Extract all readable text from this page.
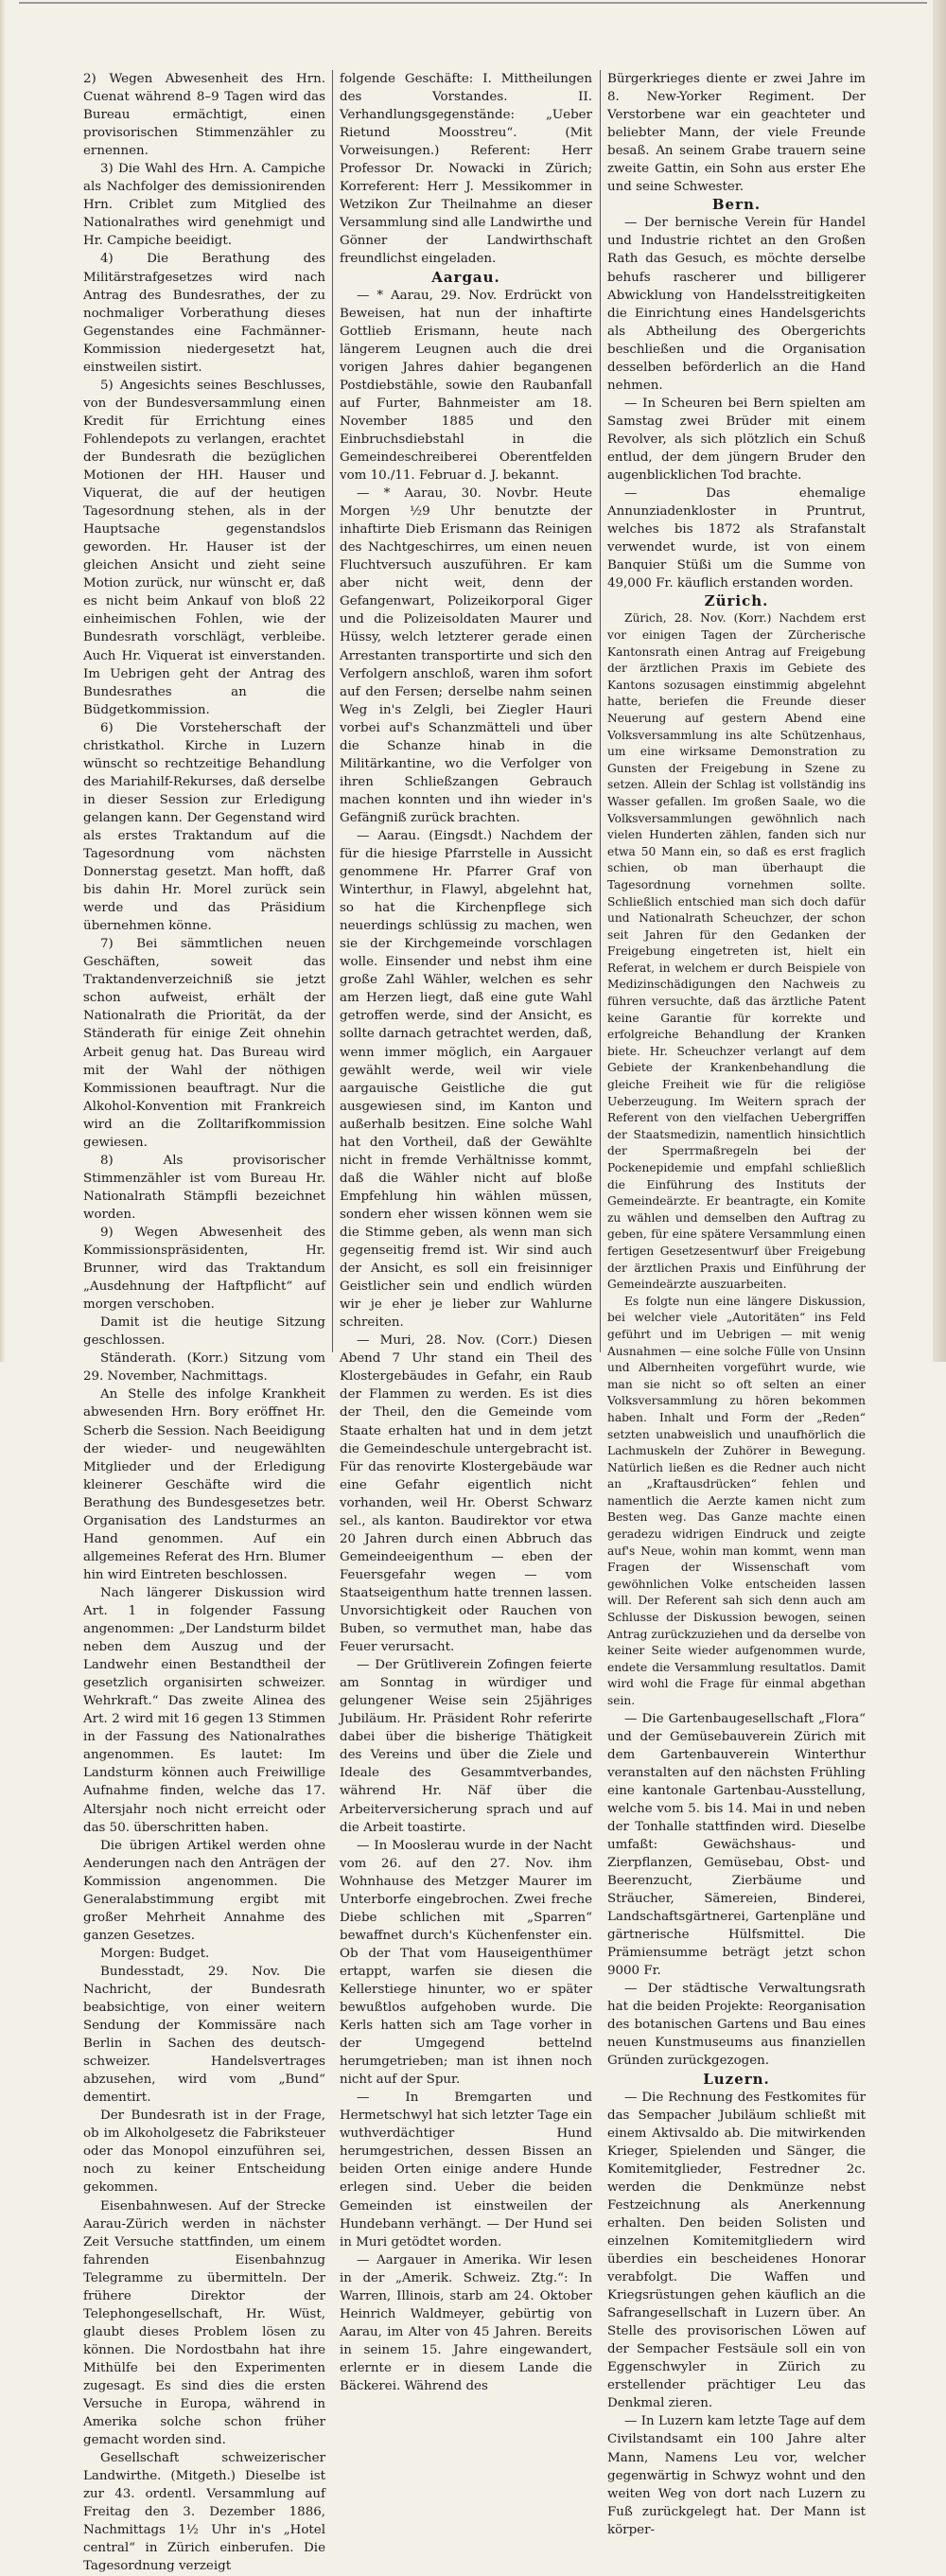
2) Wegen Abwesenheit des Hrn. Cuenat während 8–9 Tagen wird das Bureau ermächtigt, einen provisorischen Stimmenzähler zu ernennen.

3) Die Wahl des Hrn. A. Campiche als Nachfolger des demissionirenden Hrn. Criblet zum Mitglied des Nationalrathes wird genehmigt und Hr. Campiche beeidigt.

4) Die Berathung des Militärstrafgesetzes wird nach Antrag des Bundesrathes, der zu nochmaliger Vorberathung dieses Gegenstandes eine Fachmänner-Kommission niedergesetzt hat, einstweilen sistirt.

5) Angesichts seines Beschlusses, von der Bundesversammlung einen Kredit für Errichtung eines Fohlendepots zu verlangen, erachtet der Bundesrath die bezüglichen Motionen der HH. Hauser und Viquerat, die auf der heutigen Tagesordnung stehen, als in der Hauptsache gegenstandslos geworden. Hr. Hauser ist der gleichen Ansicht und zieht seine Motion zurück, nur wünscht er, daß es nicht beim Ankauf von bloß 22 einheimischen Fohlen, wie der Bundesrath vorschlägt, verbleibe. Auch Hr. Viquerat ist einverstanden. Im Uebrigen geht der Antrag des Bundesrathes an die Büdgetkommission.

6) Die Vorsteherschaft der christkathol. Kirche in Luzern wünscht so rechtzeitige Behandlung des Mariahilf-Rekurses, daß derselbe in dieser Session zur Erledigung gelangen kann. Der Gegenstand wird als erstes Traktandum auf die Tagesordnung vom nächsten Donnerstag gesetzt. Man hofft, daß bis dahin Hr. Morel zurück sein werde und das Präsidium übernehmen könne.

7) Bei sämmtlichen neuen Geschäften, soweit das Traktandenverzeichniß sie jetzt schon aufweist, erhält der Nationalrath die Priorität, da der Ständerath für einige Zeit ohnehin Arbeit genug hat. Das Bureau wird mit der Wahl der nöthigen Kommissionen beauftragt. Nur die Alkohol-Konvention mit Frankreich wird an die Zolltarifkommission gewiesen.

8) Als provisorischer Stimmenzähler ist vom Bureau Hr. Nationalrath Stämpfli bezeichnet worden.

9) Wegen Abwesenheit des Kommissionspräsidenten, Hr. Brunner, wird das Traktandum „Ausdehnung der Haftpflicht“ auf morgen verschoben.

Damit ist die heutige Sitzung geschlossen.

Ständerath. (Korr.) Sitzung vom 29. November, Nachmittags.

An Stelle des infolge Krankheit abwesenden Hrn. Bory eröffnet Hr. Scherb die Session. Nach Beeidigung der wieder- und neugewählten Mitglieder und der Erledigung kleinerer Geschäfte wird die Berathung des Bundesgesetzes betr. Organisation des Landsturmes an Hand genommen. Auf ein allgemeines Referat des Hrn. Blumer hin wird Eintreten beschlossen.

Nach längerer Diskussion wird Art. 1 in folgender Fassung angenommen: „Der Landsturm bildet neben dem Auszug und der Landwehr einen Bestandtheil der gesetzlich organisirten schweizer. Wehrkraft.“ Das zweite Alinea des Art. 2 wird mit 16 gegen 13 Stimmen in der Fassung des Nationalrathes angenommen. Es lautet: Im Landsturm können auch Freiwillige Aufnahme finden, welche das 17. Altersjahr noch nicht erreicht oder das 50. überschritten haben.

Die übrigen Artikel werden ohne Aenderungen nach den Anträgen der Kommission angenommen. Die Generalabstimmung ergibt mit großer Mehrheit Annahme des ganzen Gesetzes.

Morgen: Budget.

Bundesstadt, 29. Nov. Die Nachricht, der Bundesrath beabsichtige, von einer weitern Sendung der Kommissäre nach Berlin in Sachen des deutsch-schweizer. Handelsvertrages abzusehen, wird vom „Bund“ dementirt.

Der Bundesrath ist in der Frage, ob im Alkoholgesetz die Fabriksteuer oder das Monopol einzuführen sei, noch zu keiner Entscheidung gekommen.

Eisenbahnwesen. Auf der Strecke Aarau-Zürich werden in nächster Zeit Versuche stattfinden, um einem fahrenden Eisenbahnzug Telegramme zu übermitteln. Der frühere Direktor der Telephongesellschaft, Hr. Wüst, glaubt dieses Problem lösen zu können. Die Nordostbahn hat ihre Mithülfe bei den Experimenten zugesagt. Es sind dies die ersten Versuche in Europa, während in Amerika solche schon früher gemacht worden sind.

Gesellschaft schweizerischer Landwirthe. (Mitgeth.) Dieselbe ist zur 43. ordentl. Versammlung auf Freitag den 3. Dezember 1886, Nachmittags 1½ Uhr in's „Hotel central“ in Zürich einberufen. Die Tagesordnung verzeigt

folgende Geschäfte: I. Mittheilungen des Vorstandes. II. Verhandlungsgegenstände: „Ueber Rietund Moosstreu“. (Mit Vorweisungen.) Referent: Herr Professor Dr. Nowacki in Zürich; Korreferent: Herr J. Messikommer in Wetzikon Zur Theilnahme an dieser Versammlung sind alle Landwirthe und Gönner der Landwirthschaft freundlichst eingeladen.

Aargau.

— * Aarau, 29. Nov. Erdrückt von Beweisen, hat nun der inhaftirte Gottlieb Erismann, heute nach längerem Leugnen auch die drei vorigen Jahres dahier begangenen Postdiebstähle, sowie den Raubanfall auf Furter, Bahnmeister am 18. November 1885 und den Einbruchsdiebstahl in die Gemeindeschreiberei Oberentfelden vom 10./11. Februar d. J. bekannt.

— * Aarau, 30. Novbr. Heute Morgen ½9 Uhr benutzte der inhaftirte Dieb Erismann das Reinigen des Nachtgeschirres, um einen neuen Fluchtversuch auszuführen. Er kam aber nicht weit, denn der Gefangenwart, Polizeikorporal Giger und die Polizeisoldaten Maurer und Hüssy, welch letzterer gerade einen Arrestanten transportirte und sich den Verfolgern anschloß, waren ihm sofort auf den Fersen; derselbe nahm seinen Weg in's Zelgli, bei Ziegler Hauri vorbei auf's Schanzmätteli und über die Schanze hinab in die Militärkantine, wo die Verfolger von ihren Schließzangen Gebrauch machen konnten und ihn wieder in's Gefängniß zurück brachten.

— Aarau. (Eingsdt.) Nachdem der für die hiesige Pfarrstelle in Aussicht genommene Hr. Pfarrer Graf von Winterthur, in Flawyl, abgelehnt hat, so hat die Kirchenpflege sich neuerdings schlüssig zu machen, wen sie der Kirchgemeinde vorschlagen wolle. Einsender und nebst ihm eine große Zahl Wähler, welchen es sehr am Herzen liegt, daß eine gute Wahl getroffen werde, sind der Ansicht, es sollte darnach getrachtet werden, daß, wenn immer möglich, ein Aargauer gewählt werde, weil wir viele aargauische Geistliche die gut ausgewiesen sind, im Kanton und außerhalb besitzen. Eine solche Wahl hat den Vortheil, daß der Gewählte nicht in fremde Verhältnisse kommt, daß die Wähler nicht auf bloße Empfehlung hin wählen müssen, sondern eher wissen können wem sie die Stimme geben, als wenn man sich gegenseitig fremd ist. Wir sind auch der Ansicht, es soll ein freisinniger Geistlicher sein und endlich würden wir je eher je lieber zur Wahlurne schreiten.

— Muri, 28. Nov. (Corr.) Diesen Abend 7 Uhr stand ein Theil des Klostergebäudes in Gefahr, ein Raub der Flammen zu werden. Es ist dies der Theil, den die Gemeinde vom Staate erhalten hat und in dem jetzt die Gemeindeschule untergebracht ist. Für das renovirte Klostergebäude war eine Gefahr eigentlich nicht vorhanden, weil Hr. Oberst Schwarz sel., als kanton. Baudirektor vor etwa 20 Jahren durch einen Abbruch das Gemeindeeigenthum — eben der Feuersgefahr wegen — vom Staatseigenthum hatte trennen lassen. Unvorsichtigkeit oder Rauchen von Buben, so vermuthet man, habe das Feuer verursacht.

— Der Grütliverein Zofingen feierte am Sonntag in würdiger und gelungener Weise sein 25jähriges Jubiläum. Hr. Präsident Rohr referirte dabei über die bisherige Thätigkeit des Vereins und über die Ziele und Ideale des Gesammtverbandes, während Hr. Näf über die Arbeiterversicherung sprach und auf die Arbeit toastirte.

— In Mooslerau wurde in der Nacht vom 26. auf den 27. Nov. ihm Wohnhause des Metzger Maurer im Unterborfe eingebrochen. Zwei freche Diebe schlichen mit „Sparren“ bewaffnet durch's Küchenfenster ein. Ob der That vom Hauseigenthümer ertappt, warfen sie diesen die Kellerstiege hinunter, wo er später bewußtlos aufgehoben wurde. Die Kerls hatten sich am Tage vorher in der Umgegend bettelnd herumgetrieben; man ist ihnen noch nicht auf der Spur.

— In Bremgarten und Hermetschwyl hat sich letzter Tage ein wuthverdächtiger Hund herumgestrichen, dessen Bissen an beiden Orten einige andere Hunde erlegen sind. Ueber die beiden Gemeinden ist einstweilen der Hundebann verhängt. — Der Hund sei in Muri getödtet worden.

— Aargauer in Amerika. Wir lesen in der „Amerik. Schweiz. Ztg.“: In Warren, Illinois, starb am 24. Oktober Heinrich Waldmeyer, gebürtig von Aarau, im Alter von 45 Jahren. Bereits in seinem 15. Jahre eingewandert, erlernte er in diesem Lande die Bäckerei. Während des

Bürgerkrieges diente er zwei Jahre im 8. New-Yorker Regiment. Der Verstorbene war ein geachteter und beliebter Mann, der viele Freunde besaß. An seinem Grabe trauern seine zweite Gattin, ein Sohn aus erster Ehe und seine Schwester.

Bern.

— Der bernische Verein für Handel und Industrie richtet an den Großen Rath das Gesuch, es möchte derselbe behufs rascherer und billigerer Abwicklung von Handelsstreitigkeiten die Einrichtung eines Handelsgerichts als Abtheilung des Obergerichts beschließen und die Organisation desselben beförderlich an die Hand nehmen.

— In Scheuren bei Bern spielten am Samstag zwei Brüder mit einem Revolver, als sich plötzlich ein Schuß entlud, der dem jüngern Bruder den augenblicklichen Tod brachte.

— Das ehemalige Annunziadenkloster in Pruntrut, welches bis 1872 als Strafanstalt verwendet wurde, ist von einem Banquier Stüßi um die Summe von 49,000 Fr. käuflich erstanden worden.

Zürich.

Zürich, 28. Nov. (Korr.) Nachdem erst vor einigen Tagen der Zürcherische Kantonsrath einen Antrag auf Freigebung der ärztlichen Praxis im Gebiete des Kantons sozusagen einstimmig abgelehnt hatte, beriefen die Freunde dieser Neuerung auf gestern Abend eine Volksversammlung ins alte Schützenhaus, um eine wirksame Demonstration zu Gunsten der Freigebung in Szene zu setzen. Allein der Schlag ist vollständig ins Wasser gefallen. Im großen Saale, wo die Volksversammlungen gewöhnlich nach vielen Hunderten zählen, fanden sich nur etwa 50 Mann ein, so daß es erst fraglich schien, ob man überhaupt die Tagesordnung vornehmen sollte. Schließlich entschied man sich doch dafür und Nationalrath Scheuchzer, der schon seit Jahren für den Gedanken der Freigebung eingetreten ist, hielt ein Referat, in welchem er durch Beispiele von Medizinschädigungen den Nachweis zu führen versuchte, daß das ärztliche Patent keine Garantie für korrekte und erfolgreiche Behandlung der Kranken biete. Hr. Scheuchzer verlangt auf dem Gebiete der Krankenbehandlung die gleiche Freiheit wie für die religiöse Ueberzeugung. Im Weitern sprach der Referent von den vielfachen Uebergriffen der Staatsmedizin, namentlich hinsichtlich der Sperrmaßregeln bei der Pockenepidemie und empfahl schließlich die Einführung des Instituts der Gemeindeärzte. Er beantragte, ein Komite zu wählen und demselben den Auftrag zu geben, für eine spätere Versammlung einen fertigen Gesetzesentwurf über Freigebung der ärztlichen Praxis und Einführung der Gemeindeärzte auszuarbeiten.

Es folgte nun eine längere Diskussion, bei welcher viele „Autoritäten“ ins Feld geführt und im Uebrigen — mit wenig Ausnahmen — eine solche Fülle von Unsinn und Albernheiten vorgeführt wurde, wie man sie nicht so oft selten an einer Volksversammlung zu hören bekommen haben. Inhalt und Form der „Reden“ setzten unabweislich und unaufhörlich die Lachmuskeln der Zuhörer in Bewegung. Natürlich ließen es die Redner auch nicht an „Kraftausdrücken“ fehlen und namentlich die Aerzte kamen nicht zum Besten weg. Das Ganze machte einen geradezu widrigen Eindruck und zeigte auf's Neue, wohin man kommt, wenn man Fragen der Wissenschaft vom gewöhnlichen Volke entscheiden lassen will. Der Referent sah sich denn auch am Schlusse der Diskussion bewogen, seinen Antrag zurückzuziehen und da derselbe von keiner Seite wieder aufgenommen wurde, endete die Versammlung resultatlos. Damit wird wohl die Frage für einmal abgethan sein.

— Die Gartenbaugesellschaft „Flora“ und der Gemüsebauverein Zürich mit dem Gartenbauverein Winterthur veranstalten auf den nächsten Frühling eine kantonale Gartenbau-Ausstellung, welche vom 5. bis 14. Mai in und neben der Tonhalle stattfinden wird. Dieselbe umfaßt: Gewächshaus- und Zierpflanzen, Gemüsebau, Obst- und Beerenzucht, Zierbäume und Sträucher, Sämereien, Binderei, Landschaftsgärtnerei, Gartenpläne und gärtnerische Hülfsmittel. Die Prämiensumme beträgt jetzt schon 9000 Fr.

— Der städtische Verwaltungsrath hat die beiden Projekte: Reorganisation des botanischen Gartens und Bau eines neuen Kunstmuseums aus finanziellen Gründen zurückgezogen.

Luzern.

— Die Rechnung des Festkomites für das Sempacher Jubiläum schließt mit einem Aktivsaldo ab. Die mitwirkenden Krieger, Spielenden und Sänger, die Komitemitglieder, Festredner 2c. werden die Denkmünze nebst Festzeichnung als Anerkennung erhalten. Den beiden Solisten und einzelnen Komitemitgliedern wird überdies ein bescheidenes Honorar verabfolgt. Die Waffen und Kriegsrüstungen gehen käuflich an die Safrangesellschaft in Luzern über. An Stelle des provisorischen Löwen auf der Sempacher Festsäule soll ein von Eggenschwyler in Zürich zu erstellender prächtiger Leu das Denkmal zieren.

— In Luzern kam letzte Tage auf dem Civilstandsamt ein 100 Jahre alter Mann, Namens Leu vor, welcher gegenwärtig in Schwyz wohnt und den weiten Weg von dort nach Luzern zu Fuß zurückgelegt hat. Der Mann ist körper-
